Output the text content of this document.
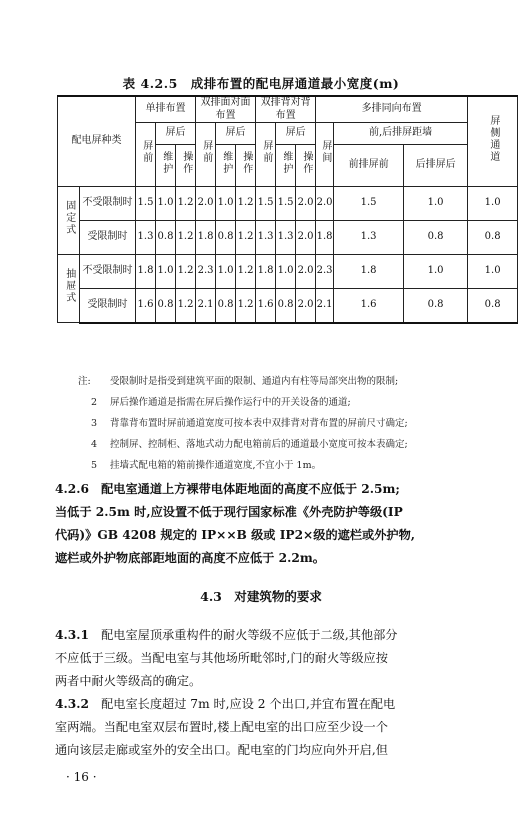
表 4.2.5　成排布置的配电屏通道最小宽度(m)
配电屏种类		单排布置			双排面对面布置			双排背对背布置			多排同向布置			屏侧通道
		屏前	屏后		屏前	屏后		屏前	屏后		屏间	前,后排屏距墙		
			维护	操作		维护	操作		维护	操作		前排屏前	后排屏后	
固定式	不受限制时	1.5	1.0	1.2	2.0	1.0	1.2	1.5	1.5	2.0	2.0	1.5	1.0	1.0
	受限制时	1.3	0.8	1.2	1.8	0.8	1.2	1.3	1.3	2.0	1.8	1.3	0.8	0.8
抽屉式	不受限制时	1.8	1.0	1.2	2.3	1.0	1.2	1.8	1.0	2.0	2.3	1.8	1.0	1.0
	受限制时	1.6	0.8	1.2	2.1	0.8	1.2	1.6	0.8	2.0	2.1	1.6	0.8	0.8
注: 受限制时是指受到建筑平面的限制、通道内有柱等局部突出物的限制;
2 屏后操作通道是指需在屏后操作运行中的开关设备的通道;
3 背靠背布置时屏前通道宽度可按本表中双排背对背布置的屏前尺寸确定;
4 控制屏、控制柜、落地式动力配电箱前后的通道最小宽度可按本表确定;
5 挂墙式配电箱的箱前操作通道宽度,不宜小于 1m。
4.2.6　 配电室通道上方裸带电体距地面的高度不应低于 2.5m;
当低于 2.5m 时,应设置不低于现行国家标准《外壳防护等级(IP
代码)》GB 4208 规定的 IP××B 级或 IP2×级的遮栏或外护物,
遮栏或外护物底部距地面的高度不应低于 2.2m。
4.3　对建筑物的要求
4.3.1　 配电室屋顶承重构件的耐火等级不应低于二级,其他部分
不应低于三级。当配电室与其他场所毗邻时,门的耐火等级应按
两者中耐火等级高的确定。
4.3.2　 配电室长度超过 7m 时,应设 2 个出口,并宜布置在配电
室两端。当配电室双层布置时,楼上配电室的出口应至少设一个
通向该层走廊或室外的安全出口。配电室的门均应向外开启,但
· 16 ·
